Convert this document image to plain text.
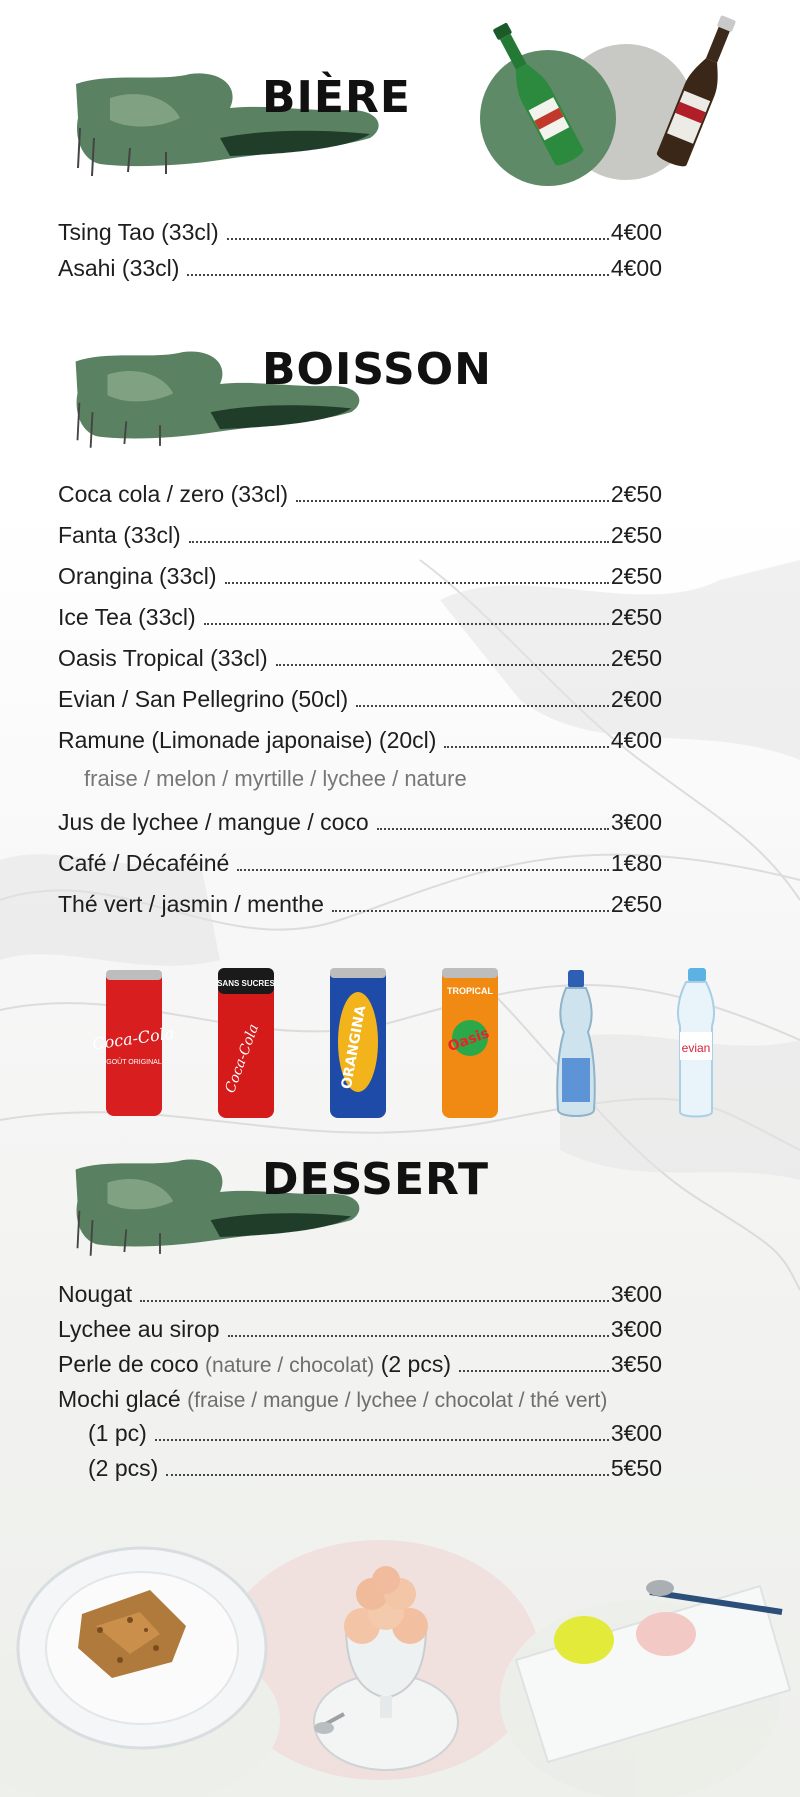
BIÈRE
Tsing Tao (33cl)	4€00
Asahi (33cl)	4€00
BOISSON
Coca cola / zero (33cl)	2€50
Fanta (33cl)	2€50
Orangina (33cl)	2€50
Ice Tea (33cl)	2€50
Oasis Tropical (33cl)	2€50
Evian / San Pellegrino (50cl)	2€00
Ramune (Limonade japonaise) (20cl)	4€00
fraise / melon / myrtille / lychee / nature
Jus de lychee / mangue / coco	3€00
Café / Décaféiné	1€80
Thé vert / jasmin / menthe	2€50
Coca-Cola
GOÛT ORIGINAL
SANS SUCRES
Coca-Cola	ORANGINA
TROPICAL
Oasis	evian
DESSERT
Nougat	3€00
Lychee au sirop	3€00
Perle de coco
(nature / chocolat)
(2 pcs)	3€50
Mochi glacé (fraise / mangue / lychee / chocolat / thé vert)
(1 pc)	3€00
(2 pcs)	5€50
